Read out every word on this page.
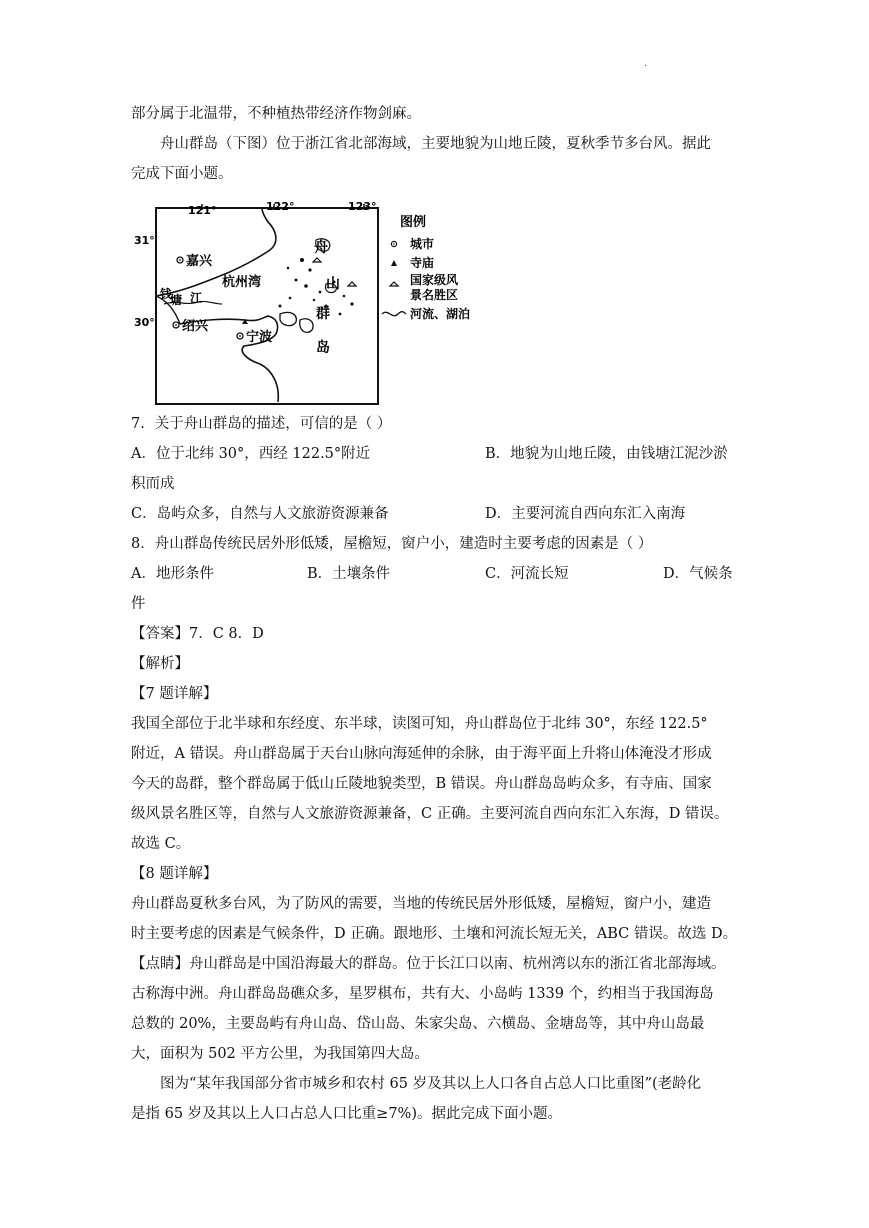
.
部分属于北温带，不种植热带经济作物剑麻。
舟山群岛（下图）位于浙江省北部海域，主要地貌为山地丘陵，夏秋季节多台风。据此
完成下面小题。
121°	122°	123°
31°
30°
嘉兴
杭州湾
钱
塘 江
绍兴
宁波
舟
山
群
岛
图例
城市
寺庙
国家级风
景名胜区
河流、湖泊
7．关于舟山群岛的描述，可信的是（ ）
A．位于北纬 30°，西经 122.5°附近	B．地貌为山地丘陵，由钱塘江泥沙淤
积而成
C．岛屿众多，自然与人文旅游资源兼备	D．主要河流自西向东汇入南海
8．舟山群岛传统民居外形低矮，屋檐短，窗户小，建造时主要考虑的因素是（ ）
A．地形条件	B．土壤条件	C．河流长短	D．气候条
件
【答案】7．C 8．D
【解析】
【7 题详解】
我国全部位于北半球和东经度、东半球，读图可知，舟山群岛位于北纬 30°，东经 122.5°
附近，A 错误。舟山群岛属于天台山脉向海延伸的余脉，由于海平面上升将山体淹没才形成
今天的岛群，整个群岛属于低山丘陵地貌类型，B 错误。舟山群岛岛屿众多，有寺庙、国家
级风景名胜区等，自然与人文旅游资源兼备，C 正确。主要河流自西向东汇入东海，D 错误。
故选 C。
【8 题详解】
舟山群岛夏秋多台风，为了防风的需要，当地的传统民居外形低矮，屋檐短，窗户小，建造
时主要考虑的因素是气候条件，D 正确。跟地形、土壤和河流长短无关，ABC 错误。故选 D。
【点睛】舟山群岛是中国沿海最大的群岛。位于长江口以南、杭州湾以东的浙江省北部海域。
古称海中洲。舟山群岛岛礁众多，星罗棋布，共有大、小岛屿 1339 个，约相当于我国海岛
总数的 20%，主要岛屿有舟山岛、岱山岛、朱家尖岛、六横岛、金塘岛等，其中舟山岛最
大，面积为 502 平方公里，为我国第四大岛。
图为“某年我国部分省市城乡和农村 65 岁及其以上人口各自占总人口比重图”(老龄化
是指 65 岁及其以上人口占总人口比重≥7%)。据此完成下面小题。
